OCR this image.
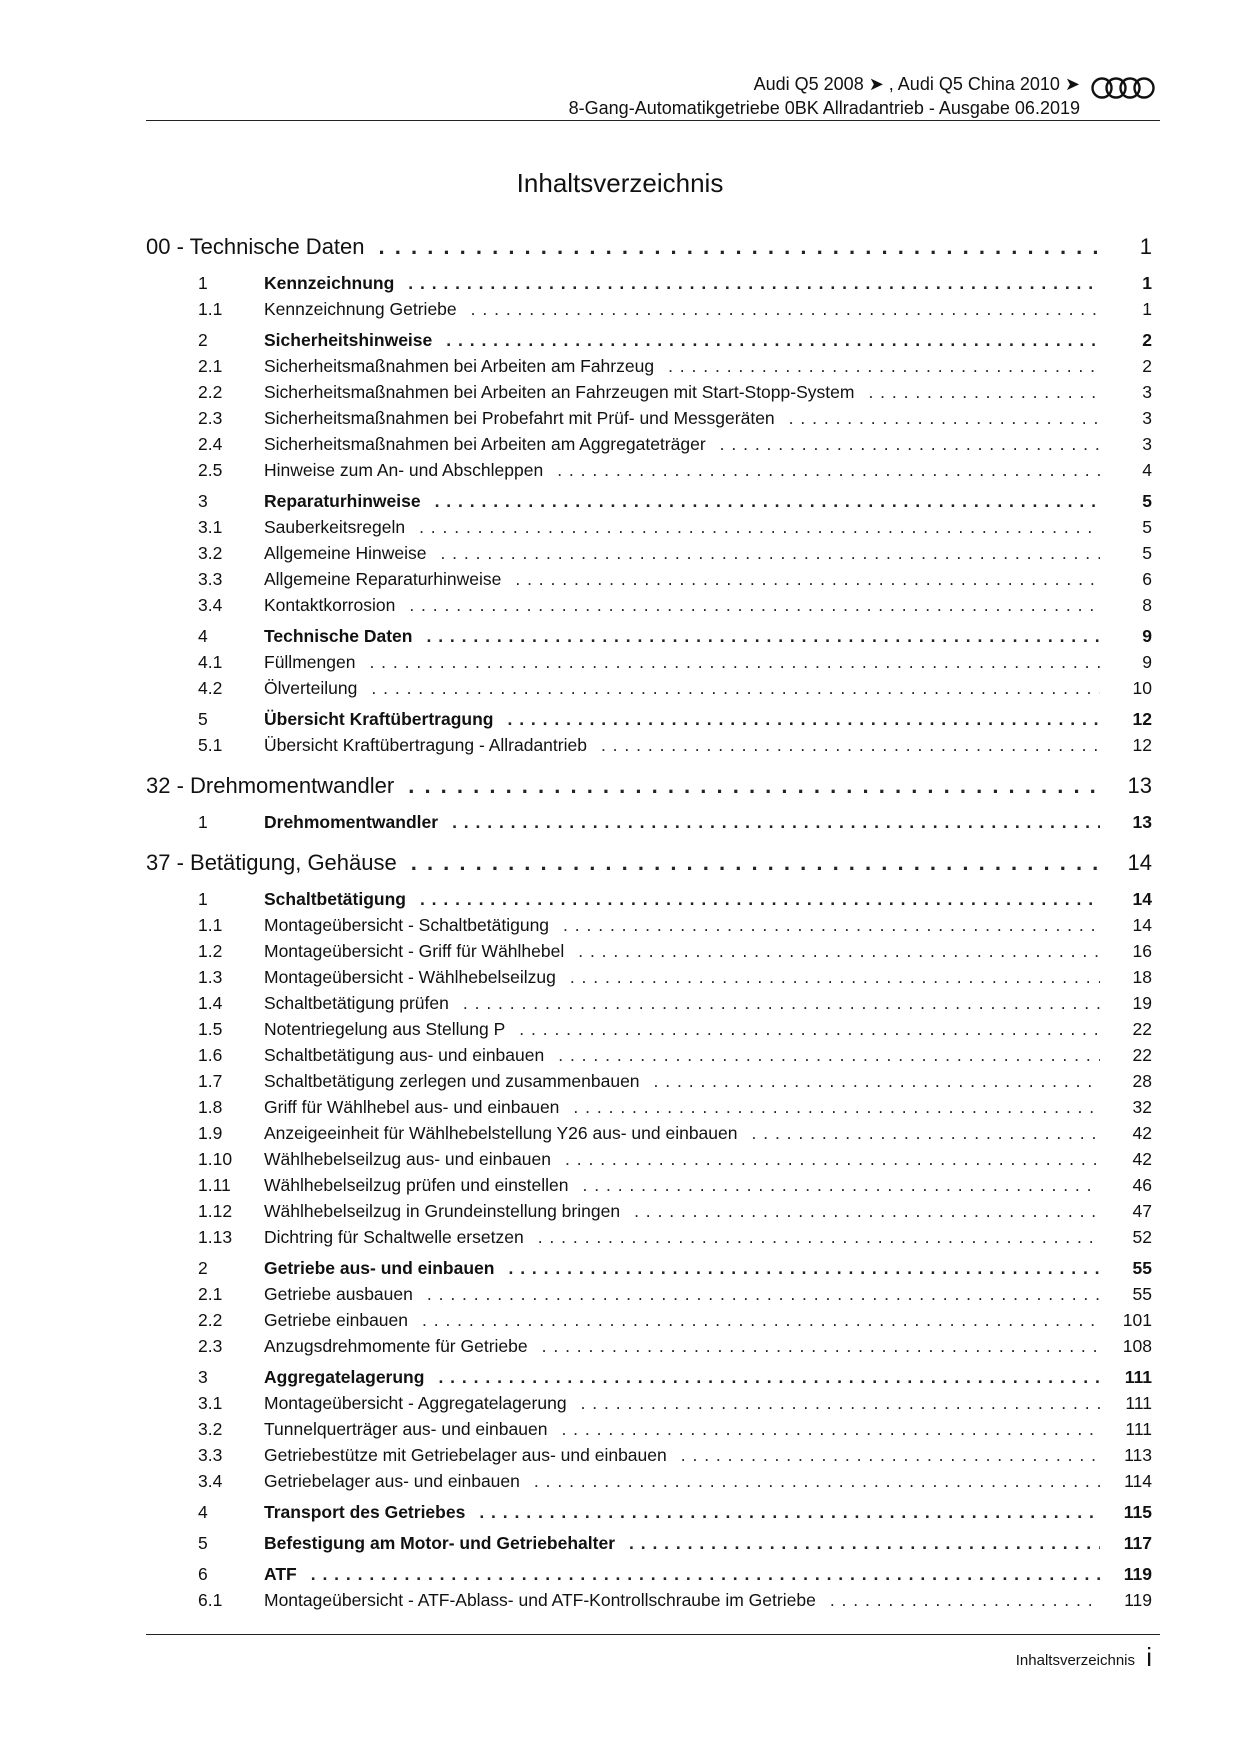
Audi Q5 2008 ➤ , Audi Q5 China 2010 ➤
8-Gang-Automatikgetriebe 0BK Allradantrieb - Ausgabe 06.2019
Inhaltsverzeichnis
00 - Technische Daten . . .	1
1	Kennzeichnung . . .	1
1.1	Kennzeichnung Getriebe . . .	1
2	Sicherheitshinweise . . .	2
2.1	Sicherheitsmaßnahmen bei Arbeiten am Fahrzeug . . .	2
2.2	Sicherheitsmaßnahmen bei Arbeiten an Fahrzeugen mit Start-Stopp-System . . .	3
2.3	Sicherheitsmaßnahmen bei Probefahrt mit Prüf- und Messgeräten . . .	3
2.4	Sicherheitsmaßnahmen bei Arbeiten am Aggregateträger . . .	3
2.5	Hinweise zum An- und Abschleppen . . .	4
3	Reparaturhinweise . . .	5
3.1	Sauberkeitsregeln . . .	5
3.2	Allgemeine Hinweise . . .	5
3.3	Allgemeine Reparaturhinweise . . .	6
3.4	Kontaktkorrosion . . .	8
4	Technische Daten . . .	9
4.1	Füllmengen . . .	9
4.2	Ölverteilung . . .	10
5	Übersicht Kraftübertragung . . .	12
5.1	Übersicht Kraftübertragung - Allradantrieb . . .	12
32 - Drehmomentwandler . . .	13
1	Drehmomentwandler . . .	13
37 - Betätigung, Gehäuse . . .	14
1	Schaltbetätigung . . .	14
1.1	Montageübersicht - Schaltbetätigung . . .	14
1.2	Montageübersicht - Griff für Wählhebel . . .	16
1.3	Montageübersicht - Wählhebelseilzug . . .	18
1.4	Schaltbetätigung prüfen . . .	19
1.5	Notentriegelung aus Stellung P . . .	22
1.6	Schaltbetätigung aus- und einbauen . . .	22
1.7	Schaltbetätigung zerlegen und zusammenbauen . . .	28
1.8	Griff für Wählhebel aus- und einbauen . . .	32
1.9	Anzeigeeinheit für Wählhebelstellung Y26 aus- und einbauen . . .	42
1.10	Wählhebelseilzug aus- und einbauen . . .	42
1.11	Wählhebelseilzug prüfen und einstellen . . .	46
1.12	Wählhebelseilzug in Grundeinstellung bringen . . .	47
1.13	Dichtring für Schaltwelle ersetzen . . .	52
2	Getriebe aus- und einbauen . . .	55
2.1	Getriebe ausbauen . . .	55
2.2	Getriebe einbauen . . .	101
2.3	Anzugsdrehmomente für Getriebe . . .	108
3	Aggregatelagerung . . .	111
3.1	Montageübersicht - Aggregatelagerung . . .	111
3.2	Tunnelquerträger aus- und einbauen . . .	111
3.3	Getriebestütze mit Getriebelager aus- und einbauen . . .	113
3.4	Getriebelager aus- und einbauen . . .	114
4	Transport des Getriebes . . .	115
5	Befestigung am Motor- und Getriebehalter . . .	117
6	ATF . . .	119
6.1	Montageübersicht - ATF-Ablass- und ATF-Kontrollschraube im Getriebe . . .	119
Inhaltsverzeichnis i
